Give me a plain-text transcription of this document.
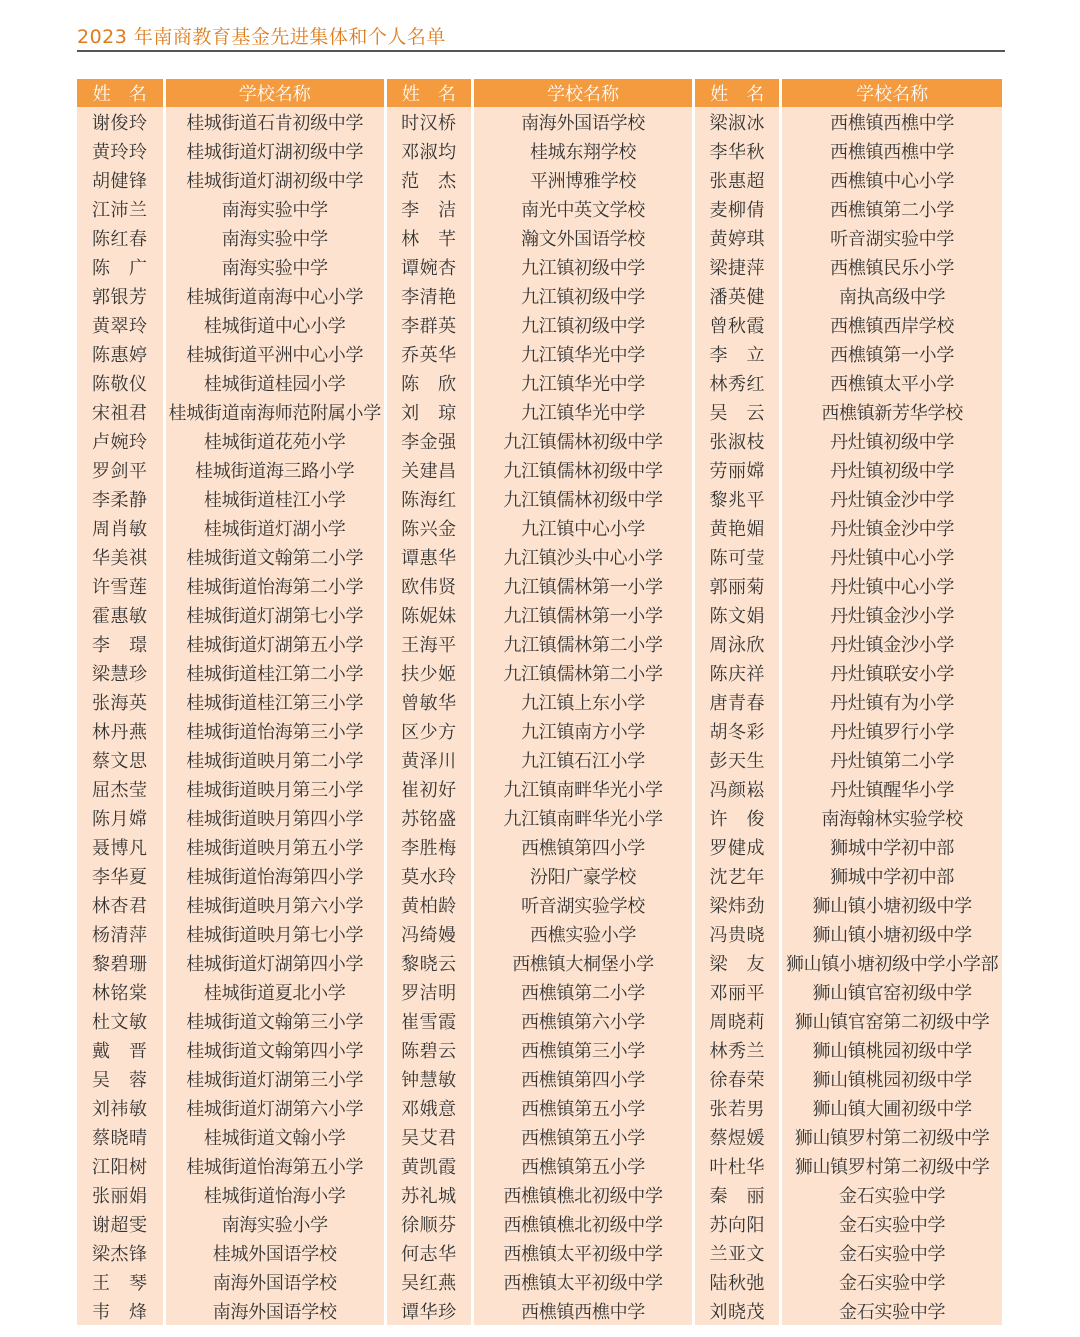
2023 年南商教育基金先进集体和个人名单
姓　名	学校名称	姓　名	学校名称	姓　名	学校名称
谢俊玲	桂城街道石肯初级中学	时汉桥	南海外国语学校	梁淑冰	西樵镇西樵中学
黄玲玲	桂城街道灯湖初级中学	邓淑均	桂城东翔学校	李华秋	西樵镇西樵中学
胡健锋	桂城街道灯湖初级中学	范　杰	平洲博雅学校	张惠超	西樵镇中心小学
江沛兰	南海实验中学	李　洁	南光中英文学校	麦柳倩	西樵镇第二小学
陈红春	南海实验中学	林　芊	瀚文外国语学校	黄婷琪	听音湖实验中学
陈　广	南海实验中学	谭婉杏	九江镇初级中学	梁捷萍	西樵镇民乐小学
郭银芳	桂城街道南海中心小学	李清艳	九江镇初级中学	潘英健	南执高级中学
黄翠玲	桂城街道中心小学	李群英	九江镇初级中学	曾秋霞	西樵镇西岸学校
陈惠婷	桂城街道平洲中心小学	乔英华	九江镇华光中学	李　立	西樵镇第一小学
陈敬仪	桂城街道桂园小学	陈　欣	九江镇华光中学	林秀红	西樵镇太平小学
宋祖君	桂城街道南海师范附属小学	刘　琼	九江镇华光中学	吴　云	西樵镇新芳华学校
卢婉玲	桂城街道花苑小学	李金强	九江镇儒林初级中学	张淑枝	丹灶镇初级中学
罗剑平	桂城街道海三路小学	关建昌	九江镇儒林初级中学	劳丽嫦	丹灶镇初级中学
李柔静	桂城街道桂江小学	陈海红	九江镇儒林初级中学	黎兆平	丹灶镇金沙中学
周肖敏	桂城街道灯湖小学	陈兴金	九江镇中心小学	黄艳媚	丹灶镇金沙中学
华美祺	桂城街道文翰第二小学	谭惠华	九江镇沙头中心小学	陈可莹	丹灶镇中心小学
许雪莲	桂城街道怡海第二小学	欧伟贤	九江镇儒林第一小学	郭丽菊	丹灶镇中心小学
霍惠敏	桂城街道灯湖第七小学	陈妮妹	九江镇儒林第一小学	陈文娟	丹灶镇金沙小学
李　璟	桂城街道灯湖第五小学	王海平	九江镇儒林第二小学	周泳欣	丹灶镇金沙小学
梁慧珍	桂城街道桂江第二小学	扶少姬	九江镇儒林第二小学	陈庆祥	丹灶镇联安小学
张海英	桂城街道桂江第三小学	曾敏华	九江镇上东小学	唐青春	丹灶镇有为小学
林丹燕	桂城街道怡海第三小学	区少方	九江镇南方小学	胡冬彩	丹灶镇罗行小学
蔡文思	桂城街道映月第二小学	黄泽川	九江镇石江小学	彭天生	丹灶镇第二小学
屈杰莹	桂城街道映月第三小学	崔初好	九江镇南畔华光小学	冯颜崧	丹灶镇醒华小学
陈月嫦	桂城街道映月第四小学	苏铭盛	九江镇南畔华光小学	许　俊	南海翰林实验学校
聂博凡	桂城街道映月第五小学	李胜梅	西樵镇第四小学	罗健成	狮城中学初中部
李华夏	桂城街道怡海第四小学	莫水玲	汾阳广豪学校	沈艺年	狮城中学初中部
林杏君	桂城街道映月第六小学	黄柏龄	听音湖实验学校	梁炜劲	狮山镇小塘初级中学
杨清萍	桂城街道映月第七小学	冯绮嫚	西樵实验小学	冯贵晓	狮山镇小塘初级中学
黎碧珊	桂城街道灯湖第四小学	黎晓云	西樵镇大桐堡小学	梁　友	狮山镇小塘初级中学小学部
林铭棠	桂城街道夏北小学	罗洁明	西樵镇第二小学	邓丽平	狮山镇官窑初级中学
杜文敏	桂城街道文翰第三小学	崔雪霞	西樵镇第六小学	周晓莉	狮山镇官窑第二初级中学
戴　晋	桂城街道文翰第四小学	陈碧云	西樵镇第三小学	林秀兰	狮山镇桃园初级中学
吴　蓉	桂城街道灯湖第三小学	钟慧敏	西樵镇第四小学	徐春荣	狮山镇桃园初级中学
刘祎敏	桂城街道灯湖第六小学	邓娥意	西樵镇第五小学	张若男	狮山镇大圃初级中学
蔡晓晴	桂城街道文翰小学	吴艾君	西樵镇第五小学	蔡煜媛	狮山镇罗村第二初级中学
江阳树	桂城街道怡海第五小学	黄凯霞	西樵镇第五小学	叶杜华	狮山镇罗村第二初级中学
张丽娟	桂城街道怡海小学	苏礼城	西樵镇樵北初级中学	秦　丽	金石实验中学
谢超雯	南海实验小学	徐顺芬	西樵镇樵北初级中学	苏向阳	金石实验中学
梁杰锋	桂城外国语学校	何志华	西樵镇太平初级中学	兰亚文	金石实验中学
王　琴	南海外国语学校	吴红燕	西樵镇太平初级中学	陆秋弛	金石实验中学
韦　烽	南海外国语学校	谭华珍	西樵镇西樵中学	刘晓茂	金石实验中学
